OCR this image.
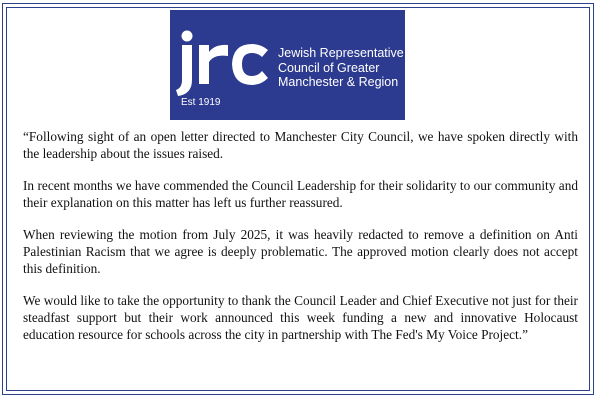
Jewish Representative
Council of Greater
Manchester & Region
Est 1919

“Following sight of an open letter directed to Manchester City Council, we have spoken directly with the leadership about the issues raised.

In recent months we have commended the Council Leadership for their solidarity to our community and their explanation on this matter has left us further reassured.

When reviewing the motion from July 2025, it was heavily redacted to remove a definition on Anti Palestinian Racism that we agree is deeply problematic. The approved motion clearly does not accept this definition.

We would like to take the opportunity to thank the Council Leader and Chief Executive not just for their steadfast support but their work announced this week funding a new and innovative Holocaust education resource for schools across the city in partnership with The Fed's My Voice Project.”
